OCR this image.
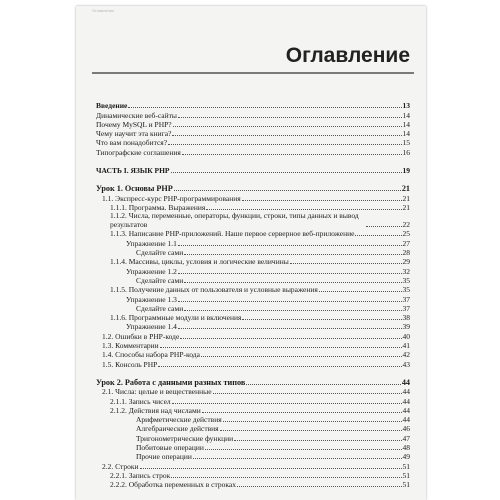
Оглавление
Оглавление
Введение	13
Динамические веб-сайты	14
Почему MySQL и PHP?	14
Чему научит эта книга?	14
Что вам понадобится?	15
Типографские соглашения	16
ЧАСТЬ I. ЯЗЫК PHP	19
Урок 1. Основы PHP	21
1.1. Экспресс-курс PHP-программирования	21
1.1.1. Программа. Выражения	21
1.1.2. Числа, переменные, операторы, функции, строки, типы данных и вывод результатов	22
1.1.3. Написание PHP-приложений. Наше первое серверное веб-приложение	25
Упражнение 1.1	27
Сделайте сами	28
1.1.4. Массивы, циклы, условия и логические величины	29
Упражнение 1.2	32
Сделайте сами	35
1.1.5. Получение данных от пользователя и условные выражения	35
Упражнение 1.3	37
Сделайте сами	37
1.1.6. Программные модули и включения	38
Упражнение 1.4	39
1.2. Ошибки в PHP-коде	40
1.3. Комментарии	41
1.4. Способы набора PHP-кода	42
1.5. Консоль PHP	43
Урок 2. Работа с данными разных типов	44
2.1. Числа: целые и вещественные	44
2.1.1. Запись чисел	44
2.1.2. Действия над числами	44
Арифметические действия	44
Алгебраические действия	46
Тригонометрические функции	47
Побитовые операции	48
Прочие операции	49
2.2. Строки	51
2.2.1. Запись строк	51
2.2.2. Обработка переменных в строках	51
